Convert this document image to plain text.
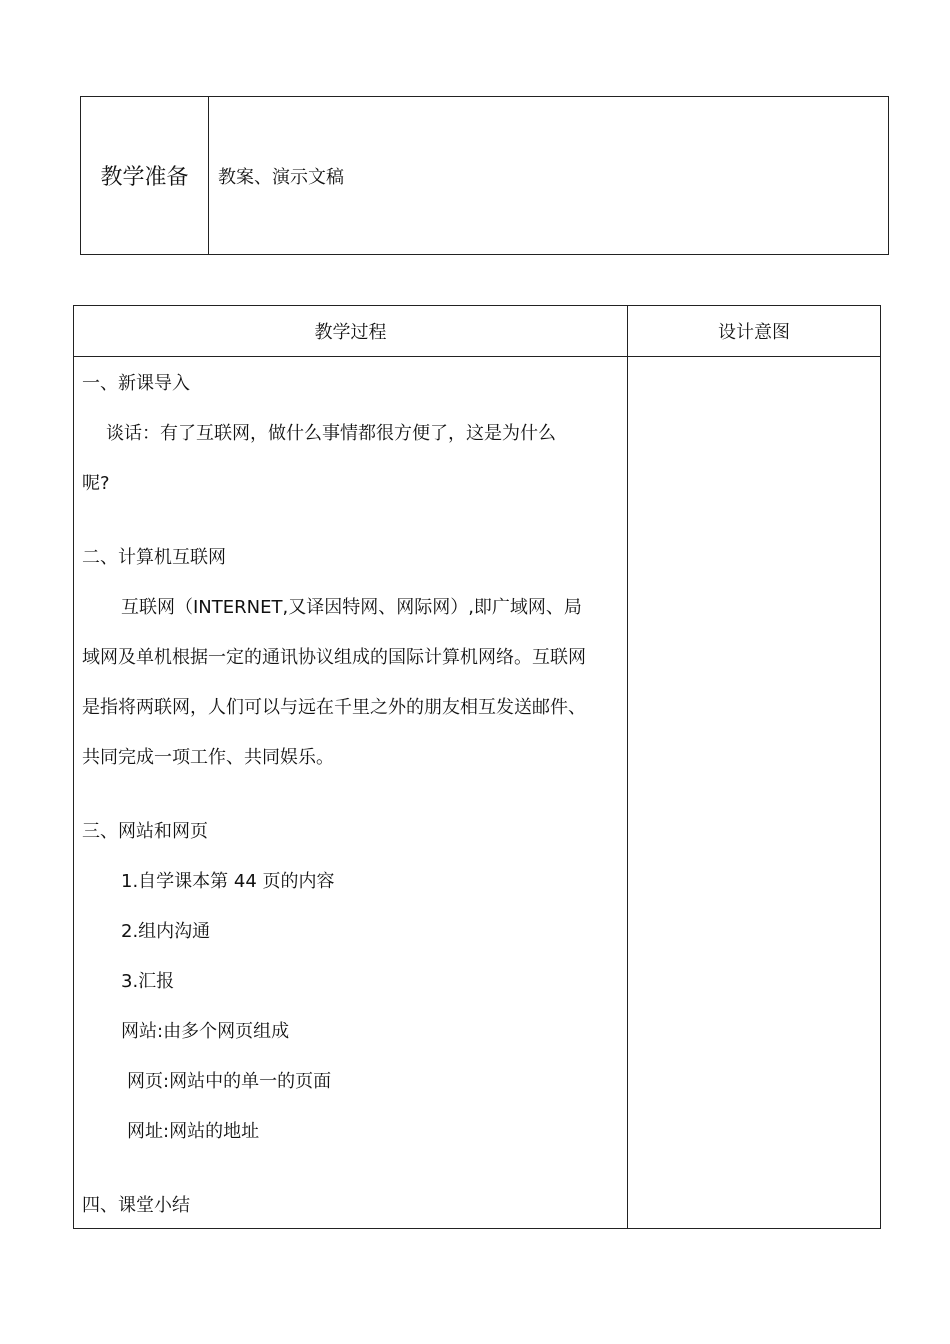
教学准备	教案、演示文稿
教学过程	设计意图
一、新课导入
谈话：有了互联网，做什么事情都很方便了，这是为什么
呢?
二、计算机互联网
互联网（INTERNET,又译因特网、网际网）,即广域网、局
域网及单机根据一定的通讯协议组成的国际计算机网络。互联网
是指将两联网，人们可以与远在千里之外的朋友相互发送邮件、
共同完成一项工作、共同娱乐。
三、网站和网页
1.自学课本第 44 页的内容
2.组内沟通
3.汇报
网站:由多个网页组成
网页:网站中的单一的页面
网址:网站的地址
四、课堂小结
